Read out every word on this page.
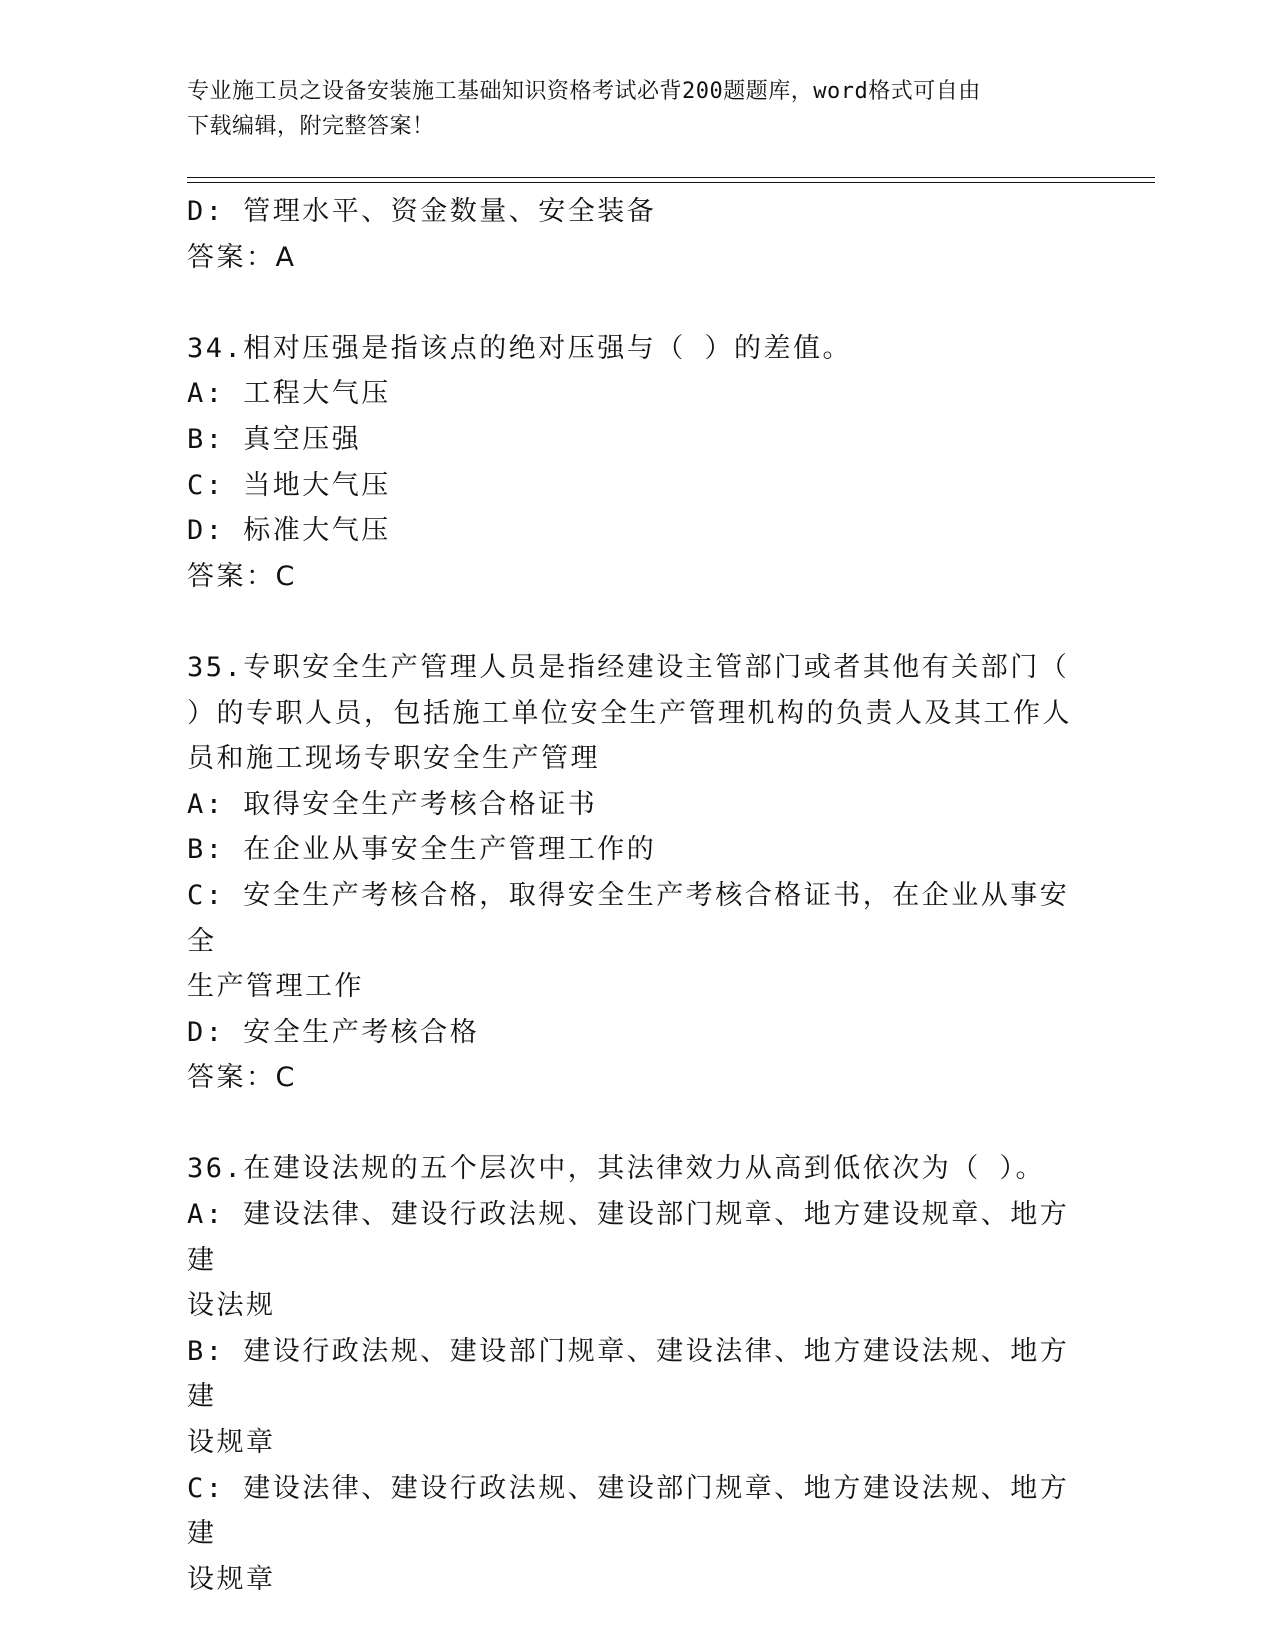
专业施工员之设备安装施工基础知识资格考试必背200题题库，word格式可自由
下载编辑，附完整答案！
D: 管理水平、资金数量、安全装备
答案：A
34.相对压强是指该点的绝对压强与（ ）的差值。
A: 工程大气压
B: 真空压强
C: 当地大气压
D: 标准大气压
答案：C
35.专职安全生产管理人员是指经建设主管部门或者其他有关部门（
）的专职人员，包括施工单位安全生产管理机构的负责人及其工作人
员和施工现场专职安全生产管理
A: 取得安全生产考核合格证书
B: 在企业从事安全生产管理工作的
C: 安全生产考核合格，取得安全生产考核合格证书，在企业从事安全
生产管理工作
D: 安全生产考核合格
答案：C
36.在建设法规的五个层次中，其法律效力从高到低依次为（ ）。
A: 建设法律、建设行政法规、建设部门规章、地方建设规章、地方建
设法规
B: 建设行政法规、建设部门规章、建设法律、地方建设法规、地方建
设规章
C: 建设法律、建设行政法规、建设部门规章、地方建设法规、地方建
设规章
